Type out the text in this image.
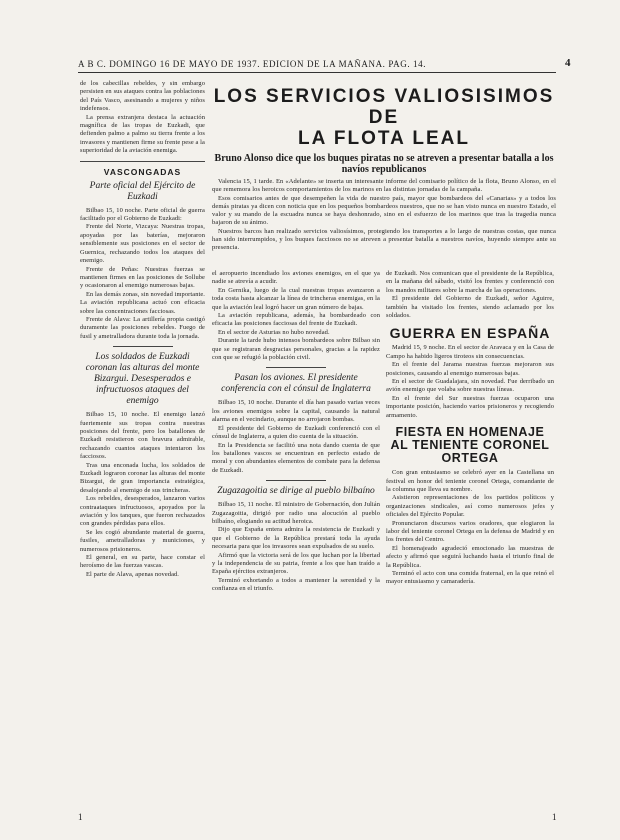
A B C. DOMINGO 16 DE MAYO DE 1937. EDICION DE LA MAÑANA. PAG. 14.	4

de los cabecillas rebeldes, y sin embargo persisten en sus ataques contra las poblaciones del País Vasco, asesinando a mujeres y niños indefensos.

La prensa extranjera destaca la actuación magnífica de las tropas de Euzkadi, que defienden palmo a palmo su tierra frente a los invasores y mantienen firme su frente pese a la superioridad de la aviación enemiga.

VASCONGADAS
Parte oficial del Ejército de Euzkadi

Bilbao 15, 10 noche. Parte oficial de guerra facilitado por el Gobierno de Euzkadi:

Frente del Norte, Vizcaya: Nuestras tropas, apoyadas por las baterías, mejoraron sensiblemente sus posiciones en el sector de Guernica, rechazando todos los ataques del enemigo.

Frente de Peñas: Nuestras fuerzas se mantienen firmes en las posiciones de Sollube y ocasionaron al enemigo numerosas bajas.

En las demás zonas, sin novedad importante. La aviación republicana actuó con eficacia sobre las concentraciones facciosas.

Frente de Alava: La artillería propia castigó duramente las posiciones rebeldes. Fuego de fusil y ametralladora durante toda la jornada.

Los soldados de Euzkadi coronan las alturas del monte Bizargui. Desesperados e infructuosos ataques del enemigo

Bilbao 15, 10 noche. El enemigo lanzó fuertemente sus tropas contra nuestras posiciones del frente, pero los batallones de Euzkadi resistieron con bravura admirable, rechazando cuantos ataques intentaron los facciosos.

Tras una enconada lucha, los soldados de Euzkadi lograron coronar las alturas del monte Bizargui, de gran importancia estratégica, desalojando al enemigo de sus trincheras.

Los rebeldes, desesperados, lanzaron varios contraataques infructuosos, apoyados por la aviación y los tanques, que fueron rechazados con grandes pérdidas para ellos.

Se les cogió abundante material de guerra, fusiles, ametralladoras y municiones, y numerosos prisioneros.

El general, en su parte, hace constar el heroísmo de las fuerzas vascas.

El parte de Alava, apenas novedad.

LOS SERVICIOS VALIOSISIMOS DE
LA FLOTA LEAL
Bruno Alonso dice que los buques piratas no se atreven a presentar batalla a los navíos republicanos

Valencia 15, 1 tarde. En «Adelante» se inserta un interesante informe del comisario político de la flota, Bruno Alonso, en el que rememora los heroicos comportamientos de los marinos en las distintas jornadas de la campaña.

Esos comisarios antes de que desempeñen la vida de nuestro país, mayor que bombardeos del «Canarias» y a todos los demás piratas ya dicen con noticia que en los pequeños bombardeos nuestros, que no se han visto nunca en nuestro Estado, el valor y su mando de la escuadra nunca se haya deshonrado, sino en el esfuerzo de los marinos que tras la tragedia nunca bajaron de su ánimo.

Nuestros barcos han realizado servicios valiosísimos, protegiendo los transportes a lo largo de nuestras costas, que nunca han sido interrumpidos, y los buques facciosos no se atreven a presentar batalla a nuestros navíos, huyendo siempre ante su presencia.

el aeropuerto incendiado los aviones enemigos, en el que ya nadie se atrevía a acudir.

En Gernika, luego de la cual nuestras tropas avanzaron a toda costa hasta alcanzar la línea de trincheras enemigas, en la que la aviación leal logró hacer un gran número de bajas.

La aviación republicana, además, ha bombardeado con eficacia las posiciones facciosas del frente de Euzkadi.

En el sector de Asturias no hubo novedad.

Durante la tarde hubo intensos bombardeos sobre Bilbao sin que se registraran desgracias personales, gracias a la rapidez con que se refugió la población civil.

Pasan los aviones. El presidente conferencia con el cónsul de Inglaterra

Bilbao 15, 10 noche. Durante el día han pasado varias veces los aviones enemigos sobre la capital, causando la natural alarma en el vecindario, aunque no arrojaron bombas.

El presidente del Gobierno de Euzkadi conferenció con el cónsul de Inglaterra, a quien dio cuenta de la situación.

En la Presidencia se facilitó una nota dando cuenta de que los batallones vascos se encuentran en perfecto estado de moral y con abundantes elementos de combate para la defensa de Euzkadi.

Zugazagoitia se dirige al pueblo bilbaíno

Bilbao 15, 11 noche. El ministro de Gobernación, don Julián Zugazagoitia, dirigió por radio una alocución al pueblo bilbaíno, elogiando su actitud heroica.

Dijo que España entera admira la resistencia de Euzkadi y que el Gobierno de la República prestará toda la ayuda necesaria para que los invasores sean expulsados de su suelo.

Afirmó que la victoria será de los que luchan por la libertad y la independencia de su patria, frente a los que han traído a España ejércitos extranjeros.

Terminó exhortando a todos a mantener la serenidad y la confianza en el triunfo.

de Euzkadi. Nos comunican que el presidente de la República, en la mañana del sábado, visitó los frentes y conferenció con los mandos militares sobre la marcha de las operaciones.

El presidente del Gobierno de Euzkadi, señor Aguirre, también ha visitado los frentes, siendo aclamado por los soldados.

GUERRA EN ESPAÑA

Madrid 15, 9 noche. En el sector de Aravaca y en la Casa de Campo ha habido ligeros tiroteos sin consecuencias.

En el frente del Jarama nuestras fuerzas mejoraron sus posiciones, causando al enemigo numerosas bajas.

En el sector de Guadalajara, sin novedad. Fue derribado un avión enemigo que volaba sobre nuestras líneas.

En el frente del Sur nuestras fuerzas ocuparon una importante posición, haciendo varios prisioneros y recogiendo armamento.

FIESTA EN HOMENAJE AL TENIENTE CORONEL ORTEGA

Con gran entusiasmo se celebró ayer en la Castellana un festival en honor del teniente coronel Ortega, comandante de la columna que lleva su nombre.

Asistieron representaciones de los partidos políticos y organizaciones sindicales, así como numerosos jefes y oficiales del Ejército Popular.

Pronunciaron discursos varios oradores, que elogiaron la labor del teniente coronel Ortega en la defensa de Madrid y en los frentes del Centro.

El homenajeado agradeció emocionado las muestras de afecto y afirmó que seguirá luchando hasta el triunfo final de la República.

Terminó el acto con una comida fraternal, en la que reinó el mayor entusiasmo y camaradería.

1	1
